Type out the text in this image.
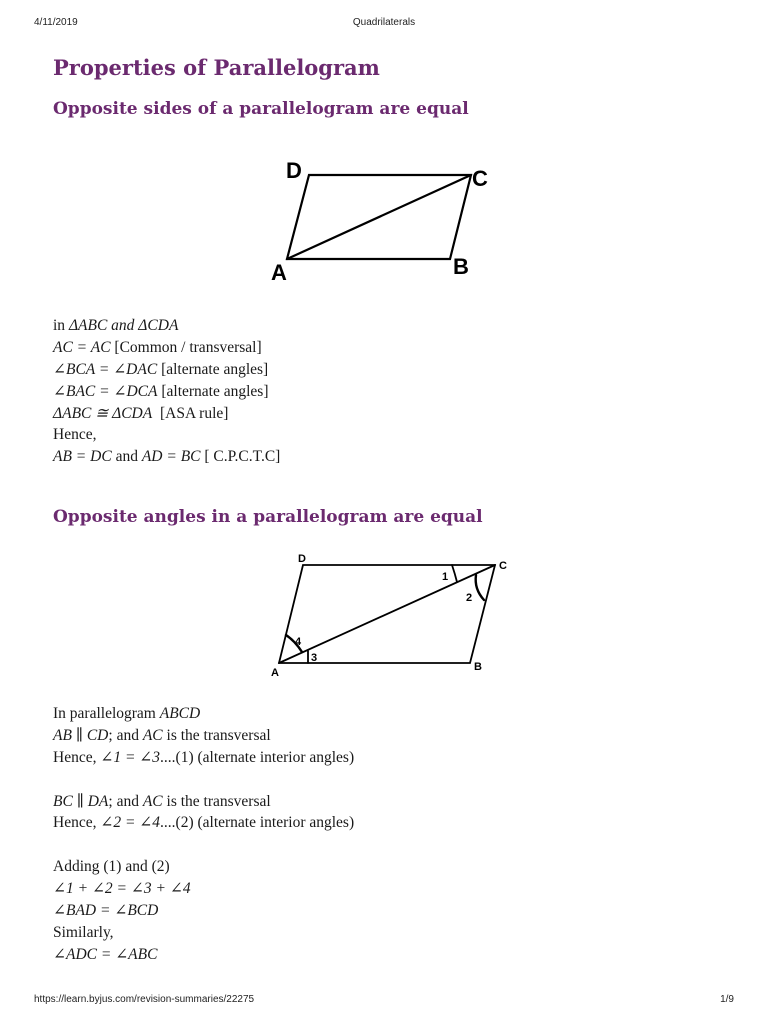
4/11/2019	Quadrilaterals
Properties of Parallelogram
Opposite sides of a parallelogram are equal
A	B
C
D
in ΔABC and ΔCDA
AC = AC [Common / transversal]
∠BCA = ∠DAC [alternate angles]
∠BAC = ∠DCA [alternate angles]
ΔABC ≅ ΔCDA  [ASA rule]
Hence,
AB = DC and AD = BC [ C.P.C.T.C]
Opposite angles in a parallelogram are equal
A	B
C
D
1
2
3
4
In parallelogram ABCD
AB ∥ CD; and AC is the transversal
Hence, ∠1 = ∠3....(1) (alternate interior angles)
BC ∥ DA; and AC is the transversal
Hence, ∠2 = ∠4....(2) (alternate interior angles)
Adding (1) and (2)
∠1 + ∠2 = ∠3 + ∠4
∠BAD = ∠BCD
Similarly,
∠ADC = ∠ABC
https://learn.byjus.com/revision-summaries/22275	1/9
